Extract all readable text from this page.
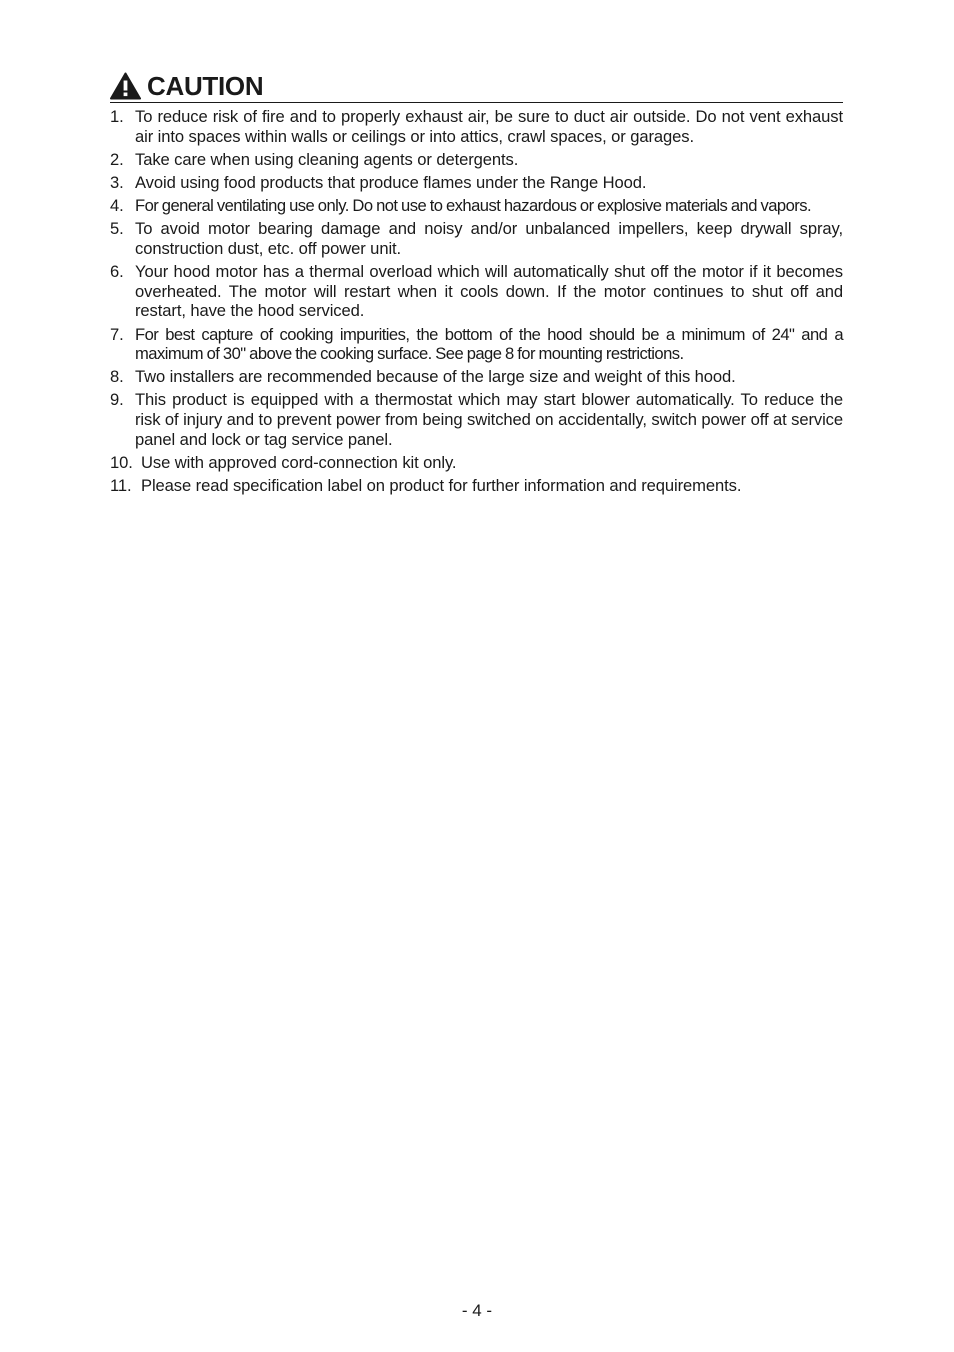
CAUTION
1. To reduce risk of fire and to properly exhaust air, be sure to duct air outside. Do not vent exhaust air into spaces within walls or ceilings or into attics, crawl spaces, or garages.
2. Take care when using cleaning agents or detergents.
3. Avoid using food products that produce flames under the Range Hood.
4. For general ventilating use only. Do not use to exhaust hazardous or explosive materials and vapors.
5. To avoid motor bearing damage and noisy and/or unbalanced impellers, keep drywall spray, construction dust, etc. off power unit.
6. Your hood motor has a thermal overload which will automatically shut off the motor if it becomes overheated. The motor will restart when it cools down. If the motor continues to shut off and restart, have the hood serviced.
7. For best capture of cooking impurities, the bottom of the hood should be a minimum of 24" and a maximum of 30" above the cooking surface. See page 8 for mounting restrictions.
8. Two installers are recommended because of the large size and weight of this hood.
9. This product is equipped with a thermostat which may start blower automatically. To reduce the risk of injury and to prevent power from being switched on accidentally, switch power off at service panel and lock or tag service panel.
10. Use with approved cord-connection kit only.
11. Please read specification label on product for further information and requirements.
- 4 -
